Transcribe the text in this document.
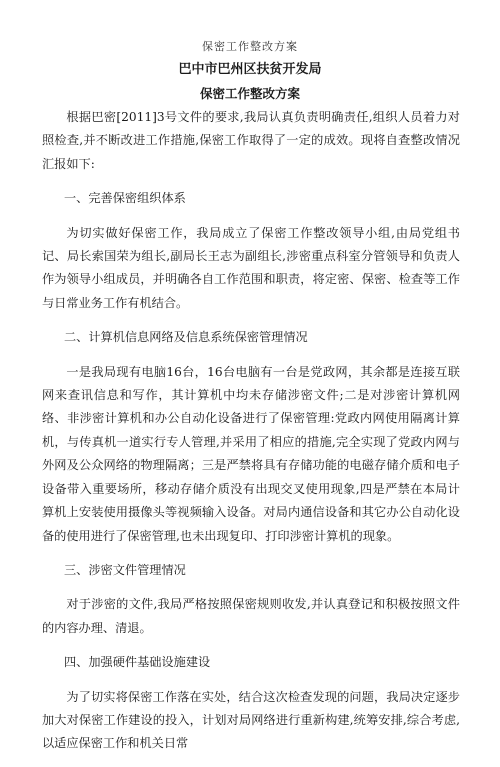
保密工作整改方案
巴中市巴州区扶贫开发局
保密工作整改方案

根据巴密[2011]3号文件的要求,我局认真负责明确责任,组织人员着力对照检查,并不断改进工作措施,保密工作取得了一定的成效。现将自查整改情况汇报如下:

一、完善保密组织体系

为切实做好保密工作，我局成立了保密工作整改领导小组,由局党组书记、局长索国荣为组长,副局长王志为副组长,涉密重点科室分管领导和负责人作为领导小组成员，并明确各自工作范围和职责，将定密、保密、检查等工作与日常业务工作有机结合。

二、计算机信息网络及信息系统保密管理情况

一是我局现有电脑16台，16台电脑有一台是党政网，其余都是连接互联网来查讯信息和写作，其计算机中均未存储涉密文件;二是对涉密计算机网络、非涉密计算机和办公自动化设备进行了保密管理:党政内网使用隔离计算机，与传真机一道实行专人管理,并采用了相应的措施,完全实现了党政内网与外网及公众网络的物理隔离；三是严禁将具有存储功能的电磁存储介质和电子设备带入重要场所，移动存储介质没有出现交叉使用现象,四是严禁在本局计算机上安装使用摄像头等视频输入设备。对局内通信设备和其它办公自动化设备的使用进行了保密管理,也未出现复印、打印涉密计算机的现象。

三、涉密文件管理情况

对于涉密的文件,我局严格按照保密规则收发,并认真登记和积极按照文件的内容办理、清退。

四、加强硬件基础设施建设

为了切实将保密工作落在实处，结合这次检查发现的问题，我局决定逐步加大对保密工作建设的投入，计划对局网络进行重新构建,统筹安排,综合考虑,以适应保密工作和机关日常
